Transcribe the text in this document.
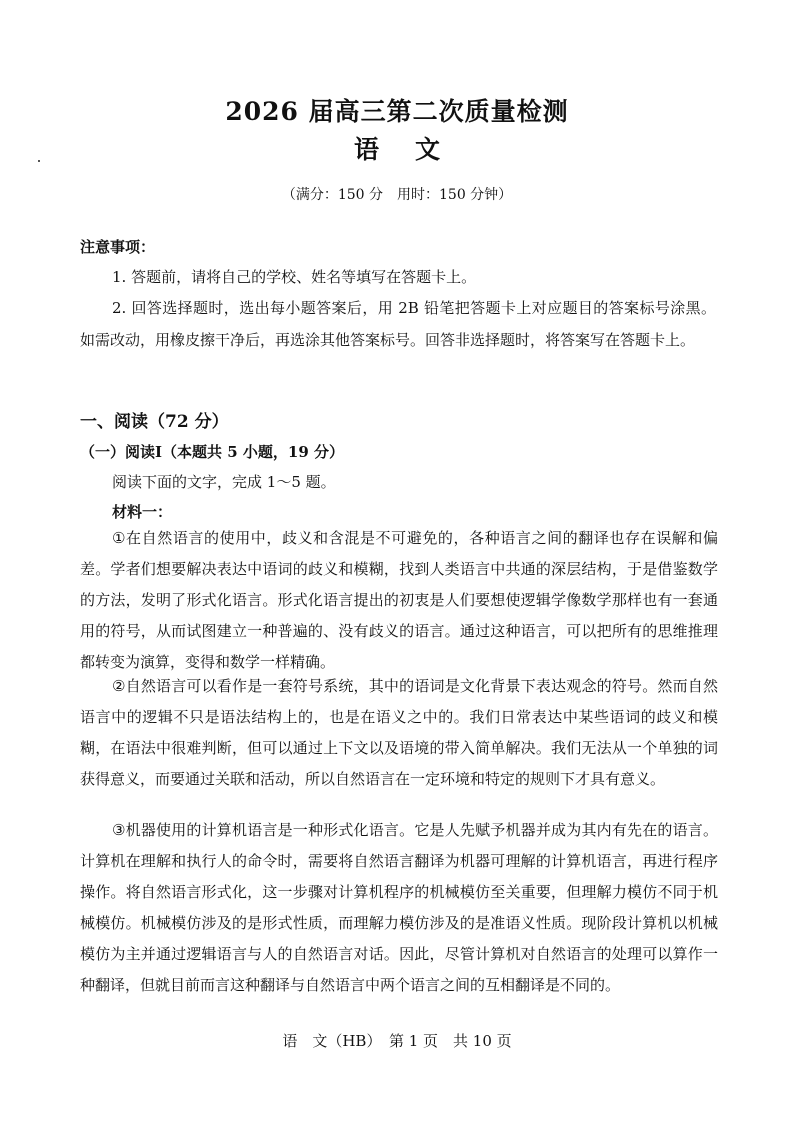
2026 届高三第二次质量检测
语 文
（满分：150 分　用时：150 分钟）
注意事项：
1. 答题前，请将自己的学校、姓名等填写在答题卡上。
2. 回答选择题时，选出每小题答案后，用 2B 铅笔把答题卡上对应题目的答案标号涂黑。如需改动，用橡皮擦干净后，再选涂其他答案标号。回答非选择题时，将答案写在答题卡上。
一、阅读（72 分）
（一）阅读Ⅰ（本题共 5 小题，19 分）
阅读下面的文字，完成 1～5 题。
材料一：

①在自然语言的使用中，歧义和含混是不可避免的，各种语言之间的翻译也存在误解和偏差。学者们想要解决表达中语词的歧义和模糊，找到人类语言中共通的深层结构，于是借鉴数学的方法，发明了形式化语言。形式化语言提出的初衷是人们要想使逻辑学像数学那样也有一套通用的符号，从而试图建立一种普遍的、没有歧义的语言。通过这种语言，可以把所有的思维推理都转变为演算，变得和数学一样精确。

②自然语言可以看作是一套符号系统，其中的语词是文化背景下表达观念的符号。然而自然语言中的逻辑不只是语法结构上的，也是在语义之中的。我们日常表达中某些语词的歧义和模糊，在语法中很难判断，但可以通过上下文以及语境的带入简单解决。我们无法从一个单独的词获得意义，而要通过关联和活动，所以自然语言在一定环境和特定的规则下才具有意义。

③机器使用的计算机语言是一种形式化语言。它是人先赋予机器并成为其内有先在的语言。计算机在理解和执行人的命令时，需要将自然语言翻译为机器可理解的计算机语言，再进行程序操作。将自然语言形式化，这一步骤对计算机程序的机械模仿至关重要，但理解力模仿不同于机械模仿。机械模仿涉及的是形式性质，而理解力模仿涉及的是准语义性质。现阶段计算机以机械模仿为主并通过逻辑语言与人的自然语言对话。因此，尽管计算机对自然语言的处理可以算作一种翻译，但就目前而言这种翻译与自然语言中两个语言之间的互相翻译是不同的。

语　文（HB）　第 1 页　共 10 页
